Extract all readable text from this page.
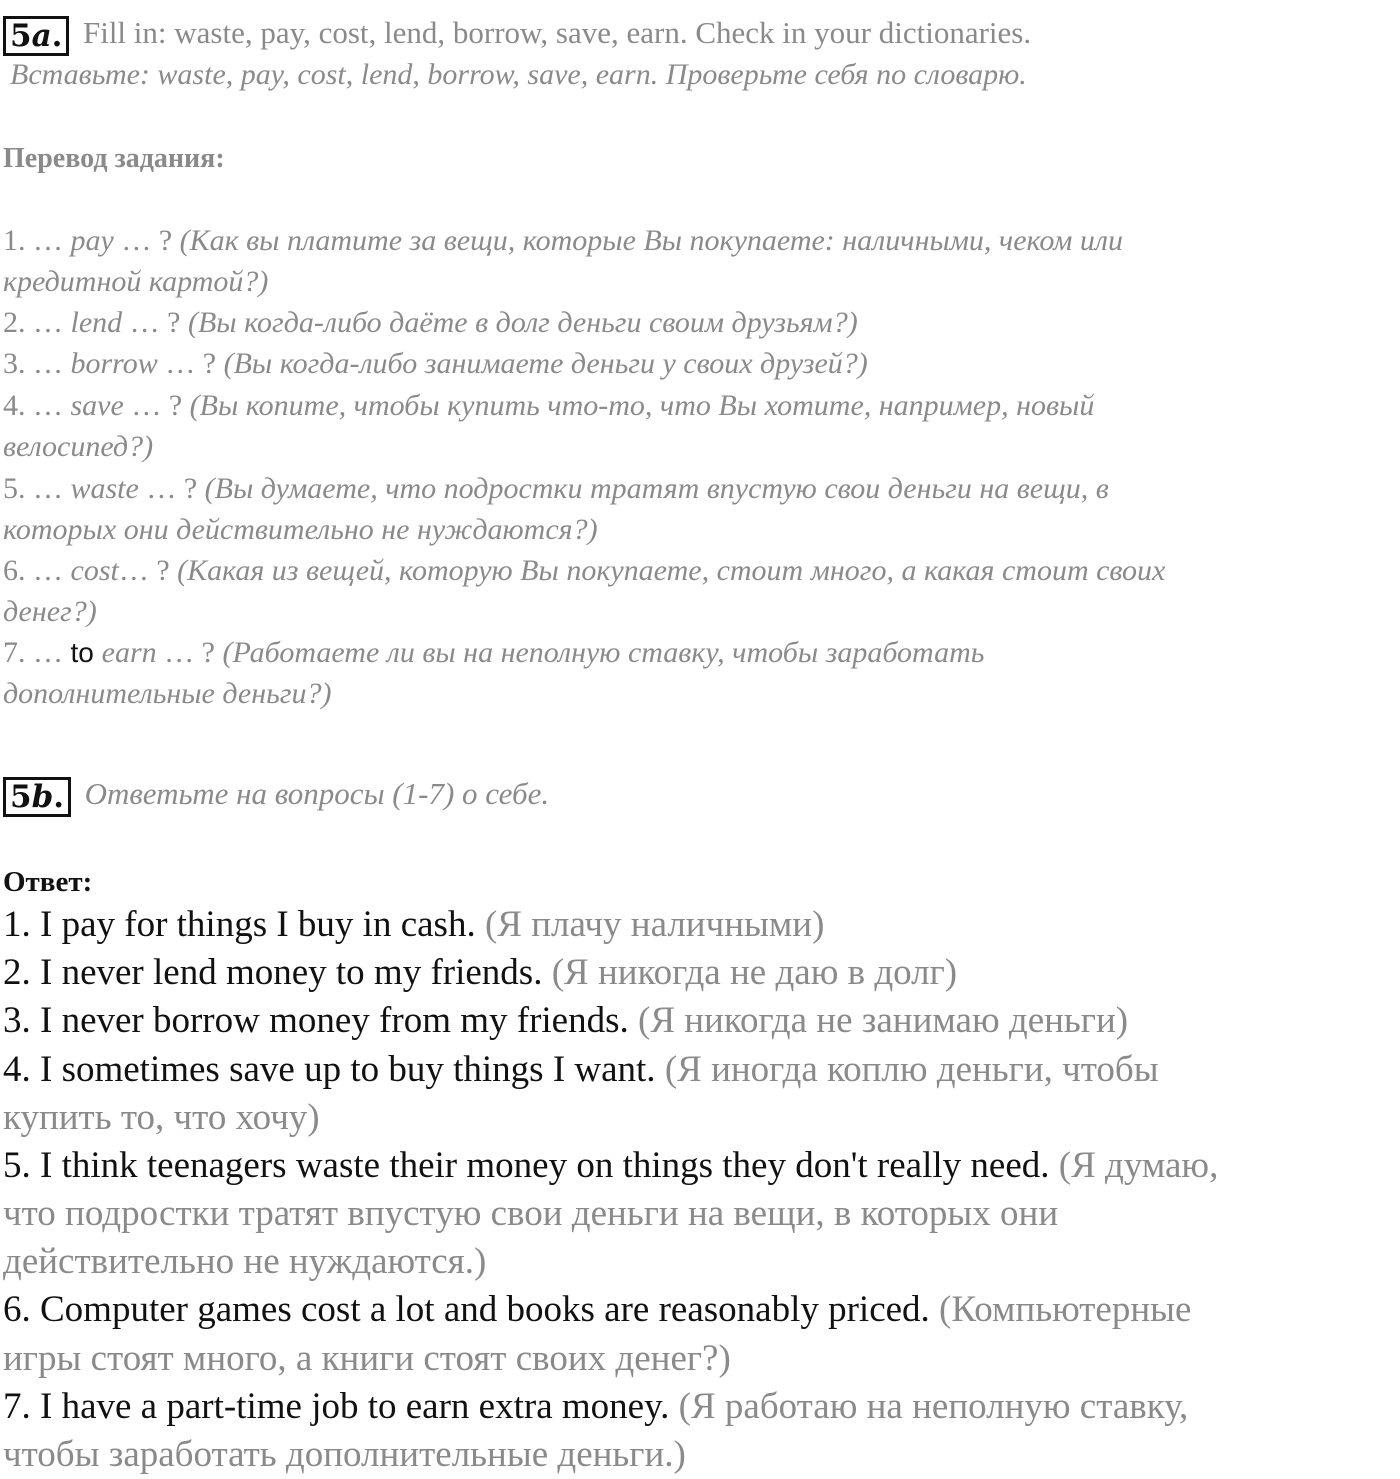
5a. Fill in: waste, pay, cost, lend, borrow, save, earn. Check in your dictionaries.
Вставьте: waste, pay, cost, lend, borrow, save, earn. Проверьте себя по словарю.
Перевод задания:
1. … pay … ? (Как вы платите за вещи, которые Вы покупаете: наличными, чеком или
кредитной картой?)
2. … lend … ? (Вы когда-либо даёте в долг деньги своим друзьям?)
3. … borrow … ? (Вы когда-либо занимаете деньги у своих друзей?)
4. … save … ? (Вы копите, чтобы купить что-то, что Вы хотите, например, новый
велосипед?)
5. … waste … ? (Вы думаете, что подростки тратят впустую свои деньги на вещи, в
которых они действительно не нуждаются?)
6. … cost… ? (Какая из вещей, которую Вы покупаете, стоит много, а какая стоит своих
денег?)
7. … to earn … ? (Работаете ли вы на неполную ставку, чтобы заработать
дополнительные деньги?)
5b. Ответьте на вопросы (1-7) о себе.
Ответ:
1. I pay for things I buy in cash. (Я плачу наличными)
2. I never lend money to my friends. (Я никогда не даю в долг)
3. I never borrow money from my friends. (Я никогда не занимаю деньги)
4. I sometimes save up to buy things I want. (Я иногда коплю деньги, чтобы
купить то, что хочу)
5. I think teenagers waste their money on things they don't really need. (Я думаю,
что подростки тратят впустую свои деньги на вещи, в которых они
действительно не нуждаются.)
6. Computer games cost a lot and books are reasonably priced. (Компьютерные
игры стоят много, а книги стоят своих денег?)
7. I have a part-time job to earn extra money. (Я работаю на неполную ставку,
чтобы заработать дополнительные деньги.)
